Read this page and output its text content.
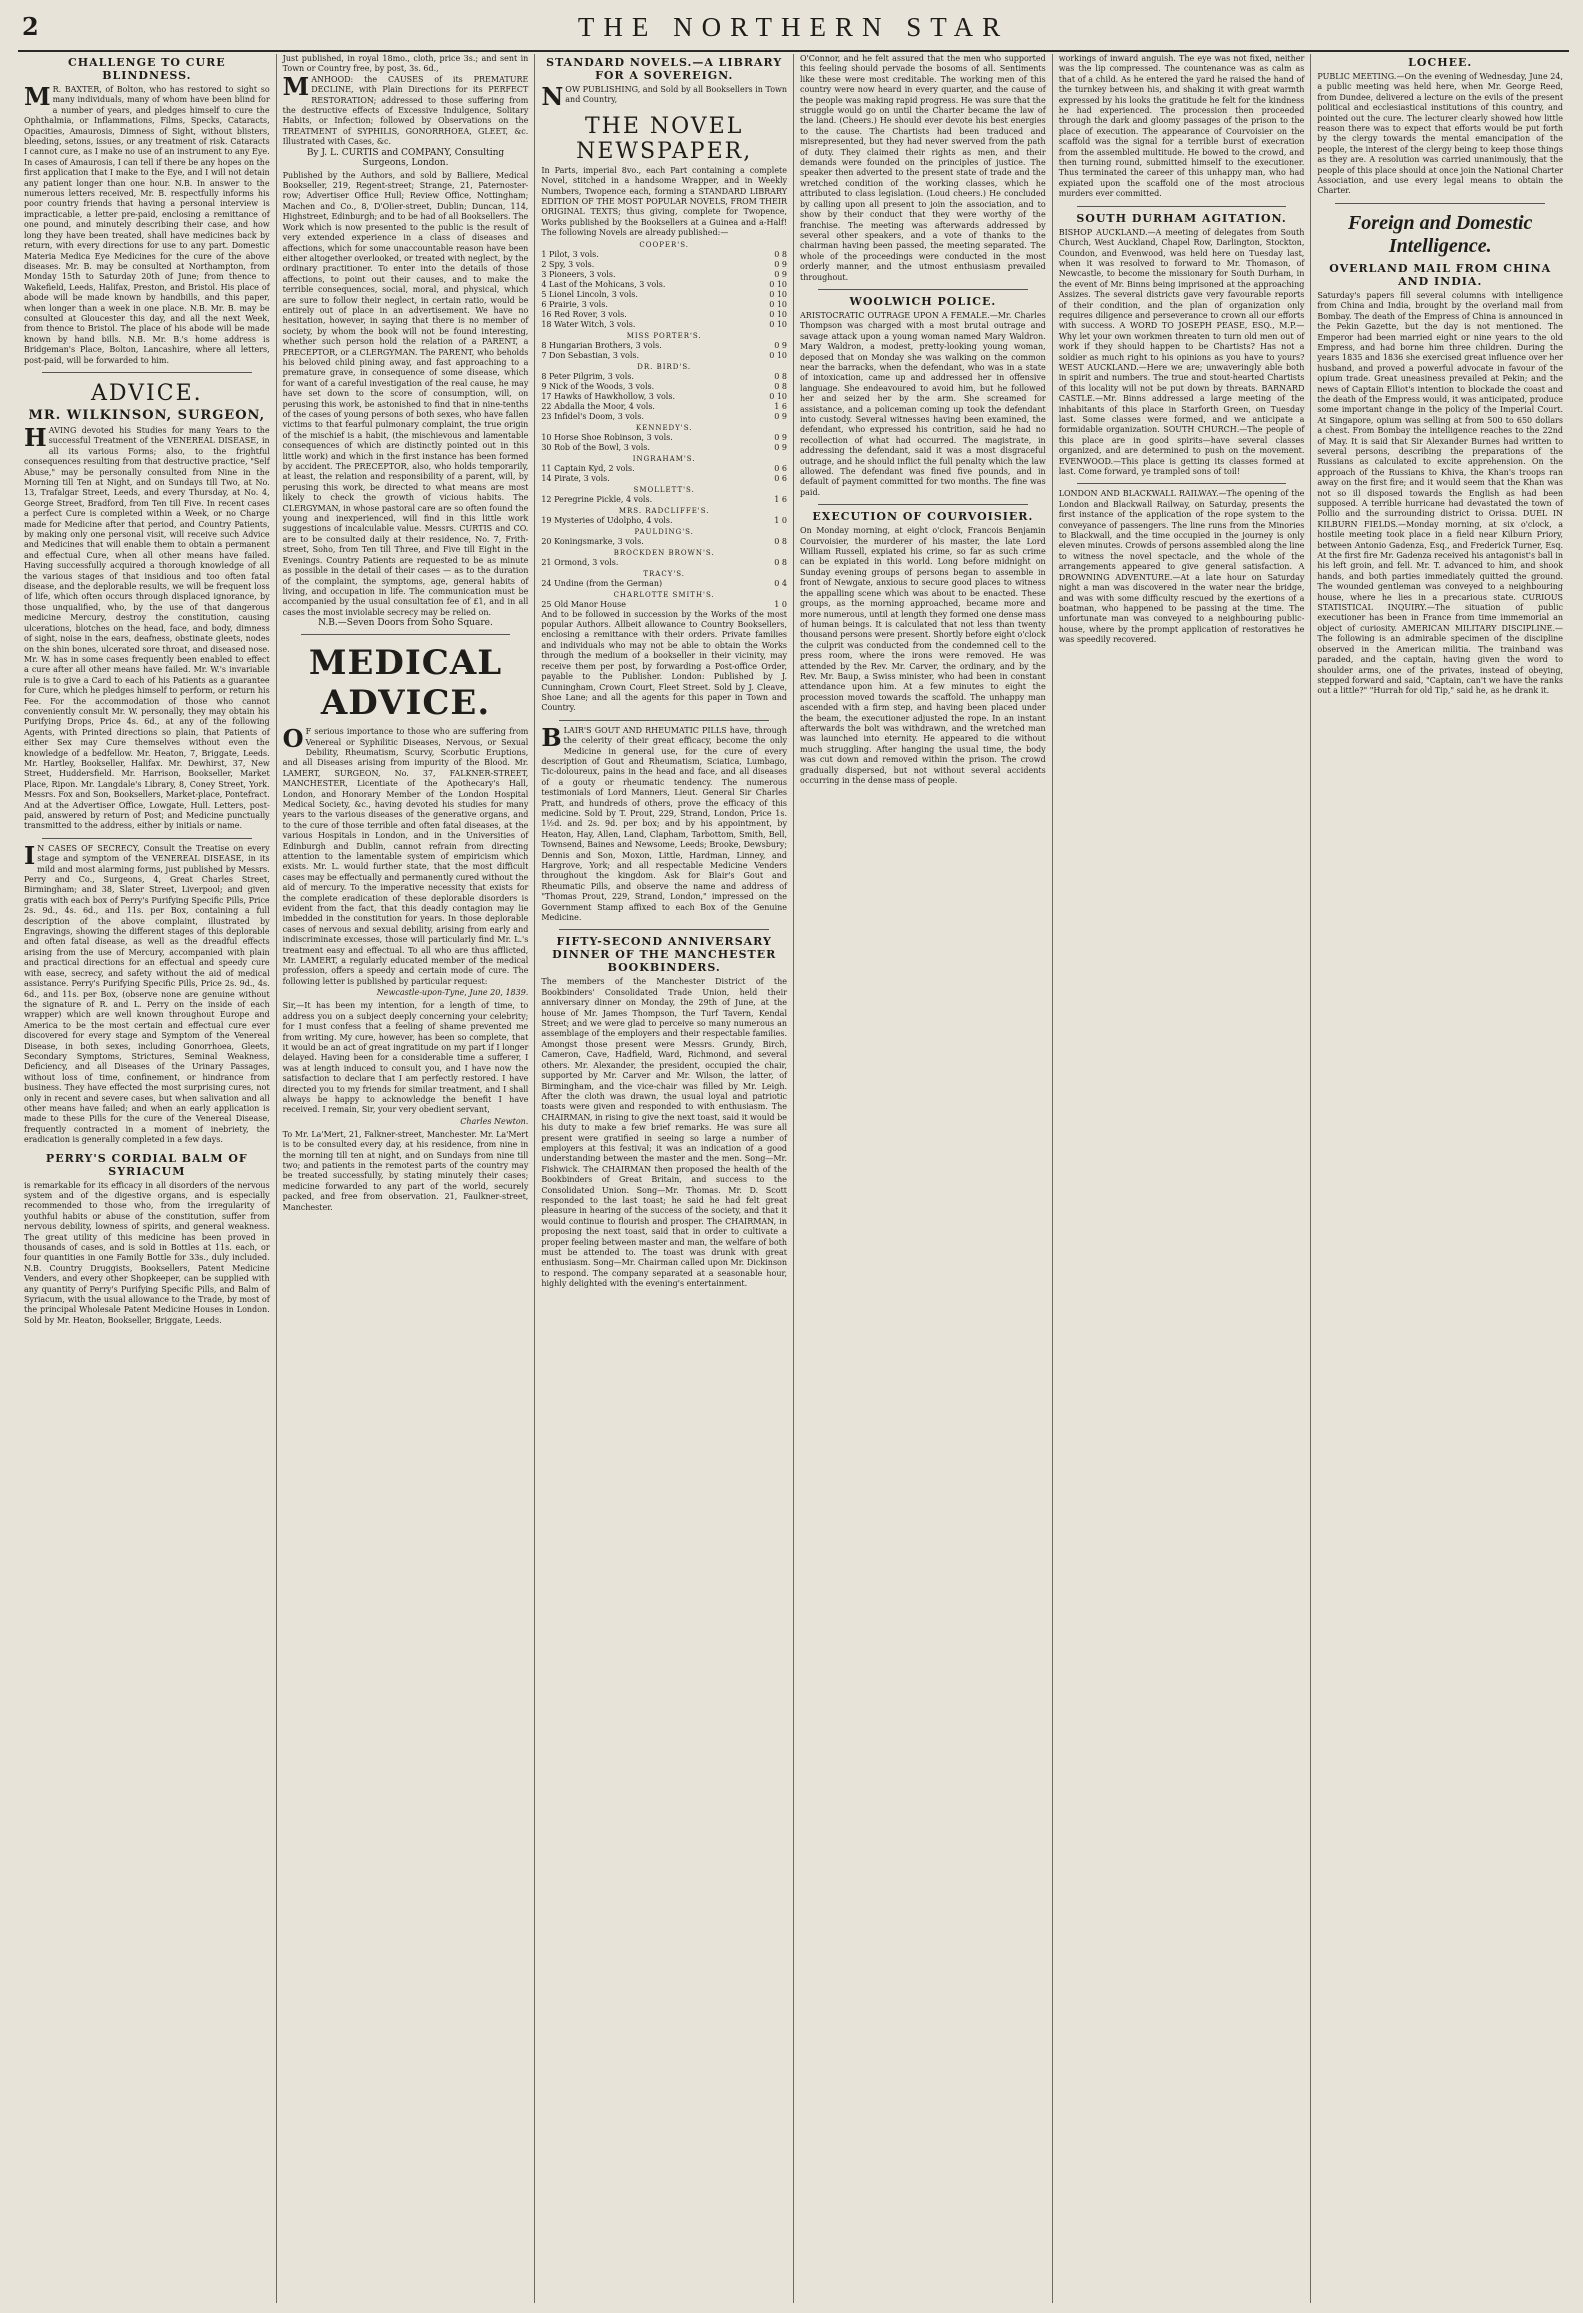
2	THE NORTHERN STAR
CHALLENGE TO CURE BLINDNESS.
M R. BAXTER, of Bolton, who has restored to sight so many individuals, many of whom have been blind for a number of years, and pledges himself to cure the Ophthalmia, or Inflammations, Films, Specks, Cataracts, Opacities, Amaurosis, Dimness of Sight, without blisters, bleeding, setons, issues, or any treatment of risk. Cataracts I cannot cure, as I make no use of an instrument to any Eye. In cases of Amaurosis, I can tell if there be any hopes on the first application that I make to the Eye, and I will not detain any patient longer than one hour. N.B. In answer to the numerous letters received, Mr. B. respectfully informs his poor country friends that having a personal interview is impracticable, a letter pre-paid, enclosing a remittance of one pound, and minutely describing their case, and how long they have been treated, shall have medicines back by return, with every directions for use to any part. Domestic Materia Medica Eye Medicines for the cure of the above diseases. Mr. B. may be consulted at Northampton, from Monday 15th to Saturday 20th of June; from thence to Wakefield, Leeds, Halifax, Preston, and Bristol. His place of abode will be made known by handbills, and this paper, when longer than a week in one place. N.B. Mr. B. may be consulted at Gloucester this day, and all the next Week, from thence to Bristol. The place of his abode will be made known by hand bills. N.B. Mr. B.'s home address is Bridgeman's Place, Bolton, Lancashire, where all letters, post-paid, will be forwarded to him.
ADVICE.
MR. WILKINSON, SURGEON,
HAVING devoted his Studies for many Years to the successful Treatment of the VENEREAL DISEASE, in all its various Forms; also, to the frightful consequences resulting from that destructive practice, "Self Abuse," may be personally consulted from Nine in the Morning till Ten at Night, and on Sundays till Two, at No. 13, Trafalgar Street, Leeds, and every Thursday, at No. 4, George Street, Bradford, from Ten till Five. In recent cases a perfect Cure is completed within a Week, or no Charge made for Medicine after that period, and Country Patients, by making only one personal visit, will receive such Advice and Medicines that will enable them to obtain a permanent and effectual Cure, when all other means have failed. Having successfully acquired a thorough knowledge of all the various stages of that insidious and too often fatal disease, and the deplorable results, we will be frequent loss of life, which often occurs through displaced ignorance, by those unqualified, who, by the use of that dangerous medicine Mercury, destroy the constitution, causing ulcerations, blotches on the head, face, and body, dimness of sight, noise in the ears, deafness, obstinate gleets, nodes on the shin bones, ulcerated sore throat, and diseased nose. Mr. W. has in some cases frequently been enabled to effect a cure after all other means have failed. Mr. W.'s invariable rule is to give a Card to each of his Patients as a guarantee for Cure, which he pledges himself to perform, or return his Fee. For the accommodation of those who cannot conveniently consult Mr. W. personally, they may obtain his Purifying Drops, Price 4s. 6d., at any of the following Agents, with Printed directions so plain, that Patients of either Sex may Cure themselves without even the knowledge of a bedfellow. Mr. Heaton, 7, Briggate, Leeds. Mr. Hartley, Bookseller, Halifax. Mr. Dewhirst, 37, New Street, Huddersfield. Mr. Harrison, Bookseller, Market Place, Ripon. Mr. Langdale's Library, 8, Coney Street, York. Messrs. Fox and Son, Booksellers, Market-place, Pontefract. And at the Advertiser Office, Lowgate, Hull. Letters, post-paid, answered by return of Post; and Medicine punctually transmitted to the address, either by initials or name.
I N CASES OF SECRECY, Consult the Treatise on every stage and symptom of the VENEREAL DISEASE, in its mild and most alarming forms, just published by Messrs. Perry and Co., Surgeons, 4, Great Charles Street, Birmingham; and 38, Slater Street, Liverpool; and given gratis with each box of Perry's Purifying Specific Pills, Price 2s. 9d., 4s. 6d., and 11s. per Box, containing a full description of the above complaint, illustrated by Engravings, showing the different stages of this deplorable and often fatal disease, as well as the dreadful effects arising from the use of Mercury, accompanied with plain and practical directions for an effectual and speedy cure with ease, secrecy, and safety without the aid of medical assistance. Perry's Purifying Specific Pills, Price 2s. 9d., 4s. 6d., and 11s. per Box, (observe none are genuine without the signature of R. and L. Perry on the inside of each wrapper) which are well known throughout Europe and America to be the most certain and effectual cure ever discovered for every stage and Symptom of the Venereal Disease, in both sexes, including Gonorrhoea, Gleets, Secondary Symptoms, Strictures, Seminal Weakness, Deficiency, and all Diseases of the Urinary Passages, without loss of time, confinement, or hindrance from business. They have effected the most surprising cures, not only in recent and severe cases, but when salivation and all other means have failed; and when an early application is made to these Pills for the cure of the Venereal Disease, frequently contracted in a moment of inebriety, the eradication is generally completed in a few days.
PERRY'S CORDIAL BALM OF SYRIACUM
is remarkable for its efficacy in all disorders of the nervous system and of the digestive organs, and is especially recommended to those who, from the irregularity of youthful habits or abuse of the constitution, suffer from nervous debility, lowness of spirits, and general weakness. The great utility of this medicine has been proved in thousands of cases, and is sold in Bottles at 11s. each, or four quantities in one Family Bottle for 33s., duly included. N.B. Country Druggists, Booksellers, Patent Medicine Venders, and every other Shopkeeper, can be supplied with any quantity of Perry's Purifying Specific Pills, and Balm of Syriacum, with the usual allowance to the Trade, by most of the principal Wholesale Patent Medicine Houses in London. Sold by Mr. Heaton, Bookseller, Briggate, Leeds.
Just published, in royal 18mo., cloth, price 3s.; and sent in Town or Country free, by post, 3s. 6d.,
MANHOOD: the CAUSES of its PREMATURE DECLINE, with Plain Directions for its PERFECT RESTORATION; addressed to those suffering from the destructive effects of Excessive Indulgence, Solitary Habits, or Infection; followed by Observations on the TREATMENT of SYPHILIS, GONORRHOEA, GLEET, &c. Illustrated with Cases, &c.
By J. L. CURTIS and COMPANY, Consulting Surgeons, London.
Published by the Authors, and sold by Balliere, Medical Bookseller, 219, Regent-street; Strange, 21, Paternoster-row; Advertiser Office Hull; Review Office, Nottingham; Machen and Co., 8, D'Olier-street, Dublin; Duncan, 114, Highstreet, Edinburgh; and to be had of all Booksellers. The Work which is now presented to the public is the result of very extended experience in a class of diseases and affections, which for some unaccountable reason have been either altogether overlooked, or treated with neglect, by the ordinary practitioner. To enter into the details of those affections, to point out their causes, and to make the terrible consequences, social, moral, and physical, which are sure to follow their neglect, in certain ratio, would be entirely out of place in an advertisement. We have no hesitation, however, in saying that there is no member of society, by whom the book will not be found interesting, whether such person hold the relation of a PARENT, a PRECEPTOR, or a CLERGYMAN. The PARENT, who beholds his beloved child pining away, and fast approaching to a premature grave, in consequence of some disease, which for want of a careful investigation of the real cause, he may have set down to the score of consumption, will, on perusing this work, be astonished to find that in nine-tenths of the cases of young persons of both sexes, who have fallen victims to that fearful pulmonary complaint, the true origin of the mischief is a habit, (the mischievous and lamentable consequences of which are distinctly pointed out in this little work) and which in the first instance has been formed by accident. The PRECEPTOR, also, who holds temporarily, at least, the relation and responsibility of a parent, will, by perusing this work, be directed to what means are most likely to check the growth of vicious habits. The CLERGYMAN, in whose pastoral care are so often found the young and inexperienced, will find in this little work suggestions of incalculable value. Messrs. CURTIS and CO. are to be consulted daily at their residence, No. 7, Frith-street, Soho, from Ten till Three, and Five till Eight in the Evenings. Country Patients are requested to be as minute as possible in the detail of their cases — as to the duration of the complaint, the symptoms, age, general habits of living, and occupation in life. The communication must be accompanied by the usual consultation fee of £1, and in all cases the most inviolable secrecy may be relied on.
N.B.—Seven Doors from Soho Square.
MEDICAL ADVICE.
O F serious importance to those who are suffering from Venereal or Syphilitic Diseases, Nervous, or Sexual Debility, Rheumatism, Scurvy, Scorbutic Eruptions, and all Diseases arising from impurity of the Blood. Mr. LAMERT, SURGEON, No. 37, FALKNER-STREET, MANCHESTER, Licentiate of the Apothecary's Hall, London, and Honorary Member of the London Hospital Medical Society, &c., having devoted his studies for many years to the various diseases of the generative organs, and to the cure of those terrible and often fatal diseases, at the various Hospitals in London, and in the Universities of Edinburgh and Dublin, cannot refrain from directing attention to the lamentable system of empiricism which exists. Mr. L. would further state, that the most difficult cases may be effectually and permanently cured without the aid of mercury. To the imperative necessity that exists for the complete eradication of these deplorable disorders is evident from the fact, that this deadly contagion may lie imbedded in the constitution for years. In those deplorable cases of nervous and sexual debility, arising from early and indiscriminate excesses, those will particularly find Mr. L.'s treatment easy and effectual. To all who are thus afflicted, Mr. LAMERT, a regularly educated member of the medical profession, offers a speedy and certain mode of cure. The following letter is published by particular request:
Newcastle-upon-Tyne, June 20, 1839.
Sir,—It has been my intention, for a length of time, to address you on a subject deeply concerning your celebrity; for I must confess that a feeling of shame prevented me from writing. My cure, however, has been so complete, that it would be an act of great ingratitude on my part if I longer delayed. Having been for a considerable time a sufferer, I was at length induced to consult you, and I have now the satisfaction to declare that I am perfectly restored. I have directed you to my friends for similar treatment, and I shall always be happy to acknowledge the benefit I have received. I remain, Sir, your very obedient servant,
Charles Newton.
To Mr. La'Mert, 21, Falkner-street, Manchester. Mr. La'Mert is to be consulted every day, at his residence, from nine in the morning till ten at night, and on Sundays from nine till two; and patients in the remotest parts of the country may be treated successfully, by stating minutely their cases; medicine forwarded to any part of the world, securely packed, and free from observation. 21, Faulkner-street, Manchester.
STANDARD NOVELS.—A LIBRARY FOR A SOVEREIGN.
NOW PUBLISHING, and Sold by all Booksellers in Town and Country,
THE NOVEL NEWSPAPER,
In Parts, imperial 8vo., each Part containing a complete Novel, stitched in a handsome Wrapper, and in Weekly Numbers, Twopence each, forming a STANDARD LIBRARY EDITION OF THE MOST POPULAR NOVELS, FROM THEIR ORIGINAL TEXTS; thus giving, complete for Twopence, Works published by the Booksellers at a Guinea and a-Half! The following Novels are already published:—
COOPER'S.
1 Pilot, 3 vols.	0 8
2 Spy, 3 vols.	0 9
3 Pioneers, 3 vols.	0 9
4 Last of the Mohicans, 3 vols.	0 10
5 Lionel Lincoln, 3 vols.	0 10
6 Prairie, 3 vols.	0 10
16 Red Rover, 3 vols.	0 10
18 Water Witch, 3 vols.	0 10
MISS PORTER'S.
8 Hungarian Brothers, 3 vols.	0 9
7 Don Sebastian, 3 vols.	0 10
DR. BIRD'S.
8 Peter Pilgrim, 3 vols.	0 8
9 Nick of the Woods, 3 vols.	0 8
17 Hawks of Hawkhollow, 3 vols.	0 10
22 Abdalla the Moor, 4 vols.	1 6
23 Infidel's Doom, 3 vols.	0 9
KENNEDY'S.
10 Horse Shoe Robinson, 3 vols.	0 9
30 Rob of the Bowl, 3 vols.	0 9
INGRAHAM'S.
11 Captain Kyd, 2 vols.	0 6
14 Pirate, 3 vols.	0 6
SMOLLETT'S.
12 Peregrine Pickle, 4 vols.	1 6
MRS. RADCLIFFE'S.
19 Mysteries of Udolpho, 4 vols.	1 0
PAULDING'S.
20 Koningsmarke, 3 vols.	0 8
BROCKDEN BROWN'S.
21 Ormond, 3 vols.	0 8
TRACY'S.
24 Undine (from the German)	0 4
CHARLOTTE SMITH'S.
25 Old Manor House	1 0
And to be followed in succession by the Works of the most popular Authors. Allbeit allowance to Country Booksellers, enclosing a remittance with their orders. Private families and individuals who may not be able to obtain the Works through the medium of a bookseller in their vicinity, may receive them per post, by forwarding a Post-office Order, payable to the Publisher. London: Published by J. Cunningham, Crown Court, Fleet Street. Sold by J. Cleave, Shoe Lane; and all the agents for this paper in Town and Country.
BLAIR'S GOUT AND RHEUMATIC PILLS have, through the celerity of their great efficacy, become the only Medicine in general use, for the cure of every description of Gout and Rheumatism, Sciatica, Lumbago, Tic-doloureux, pains in the head and face, and all diseases of a gouty or rheumatic tendency. The numerous testimonials of Lord Manners, Lieut. General Sir Charles Pratt, and hundreds of others, prove the efficacy of this medicine. Sold by T. Prout, 229, Strand, London, Price 1s. 1½d. and 2s. 9d. per box; and by his appointment, by Heaton, Hay, Allen, Land, Clapham, Tarbottom, Smith, Bell, Townsend, Baines and Newsome, Leeds; Brooke, Dewsbury; Dennis and Son, Moxon, Little, Hardman, Linney, and Hargrove, York; and all respectable Medicine Venders throughout the kingdom. Ask for Blair's Gout and Rheumatic Pills, and observe the name and address of "Thomas Prout, 229, Strand, London," impressed on the Government Stamp affixed to each Box of the Genuine Medicine.
FIFTY-SECOND ANNIVERSARY DINNER OF THE MANCHESTER BOOKBINDERS.
The members of the Manchester District of the Bookbinders' Consolidated Trade Union, held their anniversary dinner on Monday, the 29th of June, at the house of Mr. James Thompson, the Turf Tavern, Kendal Street; and we were glad to perceive so many numerous an assemblage of the employers and their respectable families. Amongst those present were Messrs. Grundy, Birch, Cameron, Cave, Hadfield, Ward, Richmond, and several others. Mr. Alexander, the president, occupied the chair, supported by Mr. Carver and Mr. Wilson, the latter, of Birmingham, and the vice-chair was filled by Mr. Leigh. After the cloth was drawn, the usual loyal and patriotic toasts were given and responded to with enthusiasm. The CHAIRMAN, in rising to give the next toast, said it would be his duty to make a few brief remarks. He was sure all present were gratified in seeing so large a number of employers at this festival; it was an indication of a good understanding between the master and the men. Song—Mr. Fishwick. The CHAIRMAN then proposed the health of the Bookbinders of Great Britain, and success to the Consolidated Union. Song—Mr. Thomas. Mr. D. Scott responded to the last toast; he said he had felt great pleasure in hearing of the success of the society, and that it would continue to flourish and prosper. The CHAIRMAN, in proposing the next toast, said that in order to cultivate a proper feeling between master and man, the welfare of both must be attended to. The toast was drunk with great enthusiasm. Song—Mr. Chairman called upon Mr. Dickinson to respond. The company separated at a seasonable hour, highly delighted with the evening's entertainment.
O'Connor, and he felt assured that the men who supported this feeling should pervade the bosoms of all. Sentiments like these were most creditable. The working men of this country were now heard in every quarter, and the cause of the people was making rapid progress. He was sure that the struggle would go on until the Charter became the law of the land. (Cheers.) He should ever devote his best energies to the cause. The Chartists had been traduced and misrepresented, but they had never swerved from the path of duty. They claimed their rights as men, and their demands were founded on the principles of justice. The speaker then adverted to the present state of trade and the wretched condition of the working classes, which he attributed to class legislation. (Loud cheers.) He concluded by calling upon all present to join the association, and to show by their conduct that they were worthy of the franchise. The meeting was afterwards addressed by several other speakers, and a vote of thanks to the chairman having been passed, the meeting separated. The whole of the proceedings were conducted in the most orderly manner, and the utmost enthusiasm prevailed throughout.
WOOLWICH POLICE.
ARISTOCRATIC OUTRAGE UPON A FEMALE.—Mr. Charles Thompson was charged with a most brutal outrage and savage attack upon a young woman named Mary Waldron. Mary Waldron, a modest, pretty-looking young woman, deposed that on Monday she was walking on the common near the barracks, when the defendant, who was in a state of intoxication, came up and addressed her in offensive language. She endeavoured to avoid him, but he followed her and seized her by the arm. She screamed for assistance, and a policeman coming up took the defendant into custody. Several witnesses having been examined, the defendant, who expressed his contrition, said he had no recollection of what had occurred. The magistrate, in addressing the defendant, said it was a most disgraceful outrage, and he should inflict the full penalty which the law allowed. The defendant was fined five pounds, and in default of payment committed for two months. The fine was paid.
EXECUTION OF COURVOISIER.
On Monday morning, at eight o'clock, Francois Benjamin Courvoisier, the murderer of his master, the late Lord William Russell, expiated his crime, so far as such crime can be expiated in this world. Long before midnight on Sunday evening groups of persons began to assemble in front of Newgate, anxious to secure good places to witness the appalling scene which was about to be enacted. These groups, as the morning approached, became more and more numerous, until at length they formed one dense mass of human beings. It is calculated that not less than twenty thousand persons were present. Shortly before eight o'clock the culprit was conducted from the condemned cell to the press room, where the irons were removed. He was attended by the Rev. Mr. Carver, the ordinary, and by the Rev. Mr. Baup, a Swiss minister, who had been in constant attendance upon him. At a few minutes to eight the procession moved towards the scaffold. The unhappy man ascended with a firm step, and having been placed under the beam, the executioner adjusted the rope. In an instant afterwards the bolt was withdrawn, and the wretched man was launched into eternity. He appeared to die without much struggling. After hanging the usual time, the body was cut down and removed within the prison. The crowd gradually dispersed, but not without several accidents occurring in the dense mass of people.
workings of inward anguish. The eye was not fixed, neither was the lip compressed. The countenance was as calm as that of a child. As he entered the yard he raised the hand of the turnkey between his, and shaking it with great warmth expressed by his looks the gratitude he felt for the kindness he had experienced. The procession then proceeded through the dark and gloomy passages of the prison to the place of execution. The appearance of Courvoisier on the scaffold was the signal for a terrible burst of execration from the assembled multitude. He bowed to the crowd, and then turning round, submitted himself to the executioner. Thus terminated the career of this unhappy man, who had expiated upon the scaffold one of the most atrocious murders ever committed.
SOUTH DURHAM AGITATION.
BISHOP AUCKLAND.—A meeting of delegates from South Church, West Auckland, Chapel Row, Darlington, Stockton, Coundon, and Evenwood, was held here on Tuesday last, when it was resolved to forward to Mr. Thomason, of Newcastle, to become the missionary for South Durham, in the event of Mr. Binns being imprisoned at the approaching Assizes. The several districts gave very favourable reports of their condition, and the plan of organization only requires diligence and perseverance to crown all our efforts with success. A WORD TO JOSEPH PEASE, ESQ., M.P.—Why let your own workmen threaten to turn old men out of work if they should happen to be Chartists? Has not a soldier as much right to his opinions as you have to yours? WEST AUCKLAND.—Here we are; unwaveringly able both in spirit and numbers. The true and stout-hearted Chartists of this locality will not be put down by threats. BARNARD CASTLE.—Mr. Binns addressed a large meeting of the inhabitants of this place in Starforth Green, on Tuesday last. Some classes were formed, and we anticipate a formidable organization. SOUTH CHURCH.—The people of this place are in good spirits—have several classes organized, and are determined to push on the movement. EVENWOOD.—This place is getting its classes formed at last. Come forward, ye trampled sons of toil!
LONDON AND BLACKWALL RAILWAY.—The opening of the London and Blackwall Railway, on Saturday, presents the first instance of the application of the rope system to the conveyance of passengers. The line runs from the Minories to Blackwall, and the time occupied in the journey is only eleven minutes. Crowds of persons assembled along the line to witness the novel spectacle, and the whole of the arrangements appeared to give general satisfaction. A DROWNING ADVENTURE.—At a late hour on Saturday night a man was discovered in the water near the bridge, and was with some difficulty rescued by the exertions of a boatman, who happened to be passing at the time. The unfortunate man was conveyed to a neighbouring public-house, where by the prompt application of restoratives he was speedily recovered.
LOCHEE.
PUBLIC MEETING.—On the evening of Wednesday, June 24, a public meeting was held here, when Mr. George Reed, from Dundee, delivered a lecture on the evils of the present political and ecclesiastical institutions of this country, and pointed out the cure. The lecturer clearly showed how little reason there was to expect that efforts would be put forth by the clergy towards the mental emancipation of the people, the interest of the clergy being to keep those things as they are. A resolution was carried unanimously, that the people of this place should at once join the National Charter Association, and use every legal means to obtain the Charter.
Foreign and Domestic Intelligence.
OVERLAND MAIL FROM CHINA AND INDIA.
Saturday's papers fill several columns with intelligence from China and India, brought by the overland mail from Bombay. The death of the Empress of China is announced in the Pekin Gazette, but the day is not mentioned. The Emperor had been married eight or nine years to the old Empress, and had borne him three children. During the years 1835 and 1836 she exercised great influence over her husband, and proved a powerful advocate in favour of the opium trade. Great uneasiness prevailed at Pekin; and the news of Captain Elliot's intention to blockade the coast and the death of the Empress would, it was anticipated, produce some important change in the policy of the Imperial Court. At Singapore, opium was selling at from 500 to 650 dollars a chest. From Bombay the intelligence reaches to the 22nd of May. It is said that Sir Alexander Burnes had written to several persons, describing the preparations of the Russians as calculated to excite apprehension. On the approach of the Russians to Khiva, the Khan's troops ran away on the first fire; and it would seem that the Khan was not so ill disposed towards the English as had been supposed. A terrible hurricane had devastated the town of Pollio and the surrounding district to Orissa. DUEL IN KILBURN FIELDS.—Monday morning, at six o'clock, a hostile meeting took place in a field near Kilburn Priory, between Antonio Gadenza, Esq., and Frederick Turner, Esq. At the first fire Mr. Gadenza received his antagonist's ball in his left groin, and fell. Mr. T. advanced to him, and shook hands, and both parties immediately quitted the ground. The wounded gentleman was conveyed to a neighbouring house, where he lies in a precarious state. CURIOUS STATISTICAL INQUIRY.—The situation of public executioner has been in France from time immemorial an object of curiosity. AMERICAN MILITARY DISCIPLINE.—The following is an admirable specimen of the discipline observed in the American militia. The trainband was paraded, and the captain, having given the word to shoulder arms, one of the privates, instead of obeying, stepped forward and said, "Captain, can't we have the ranks out a little?" "Hurrah for old Tip," said he, as he drank it.
